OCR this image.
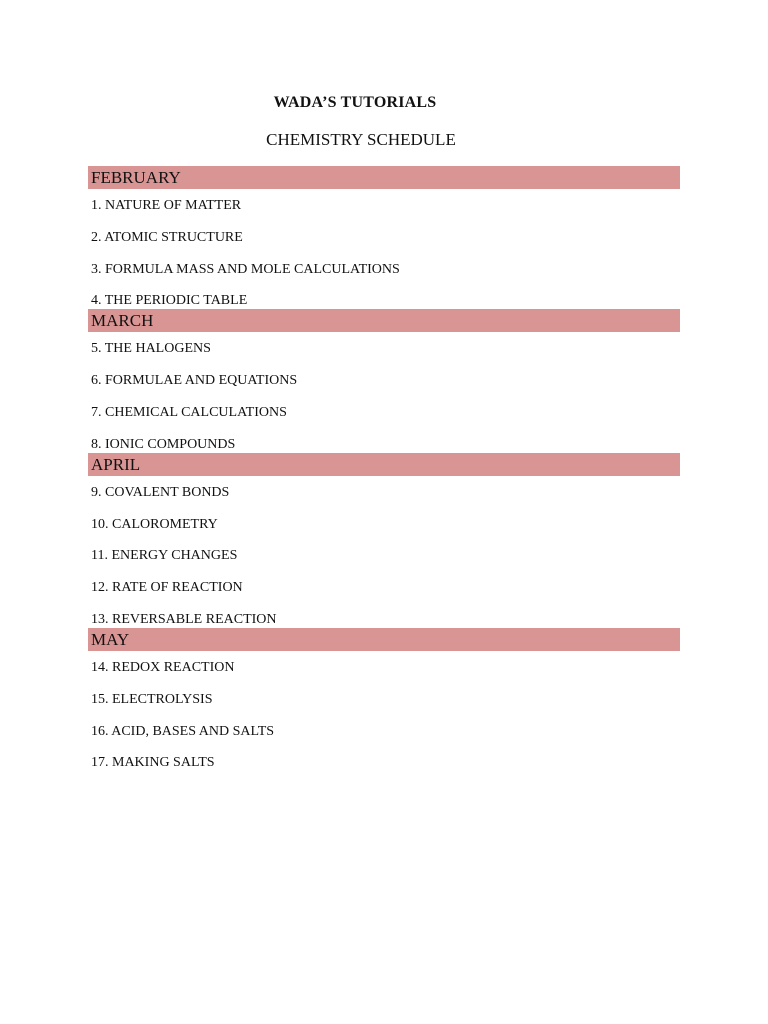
WADA’S TUTORIALS
CHEMISTRY SCHEDULE
FEBRUARY
1. NATURE OF MATTER
2. ATOMIC STRUCTURE
3. FORMULA MASS AND MOLE CALCULATIONS
4. THE PERIODIC TABLE
MARCH
5. THE HALOGENS
6. FORMULAE AND EQUATIONS
7. CHEMICAL CALCULATIONS
8. IONIC COMPOUNDS
APRIL
9. COVALENT BONDS
10. CALOROMETRY
11. ENERGY CHANGES
12. RATE OF REACTION
13. REVERSABLE REACTION
MAY
14. REDOX REACTION
15. ELECTROLYSIS
16. ACID, BASES AND SALTS
17. MAKING SALTS
